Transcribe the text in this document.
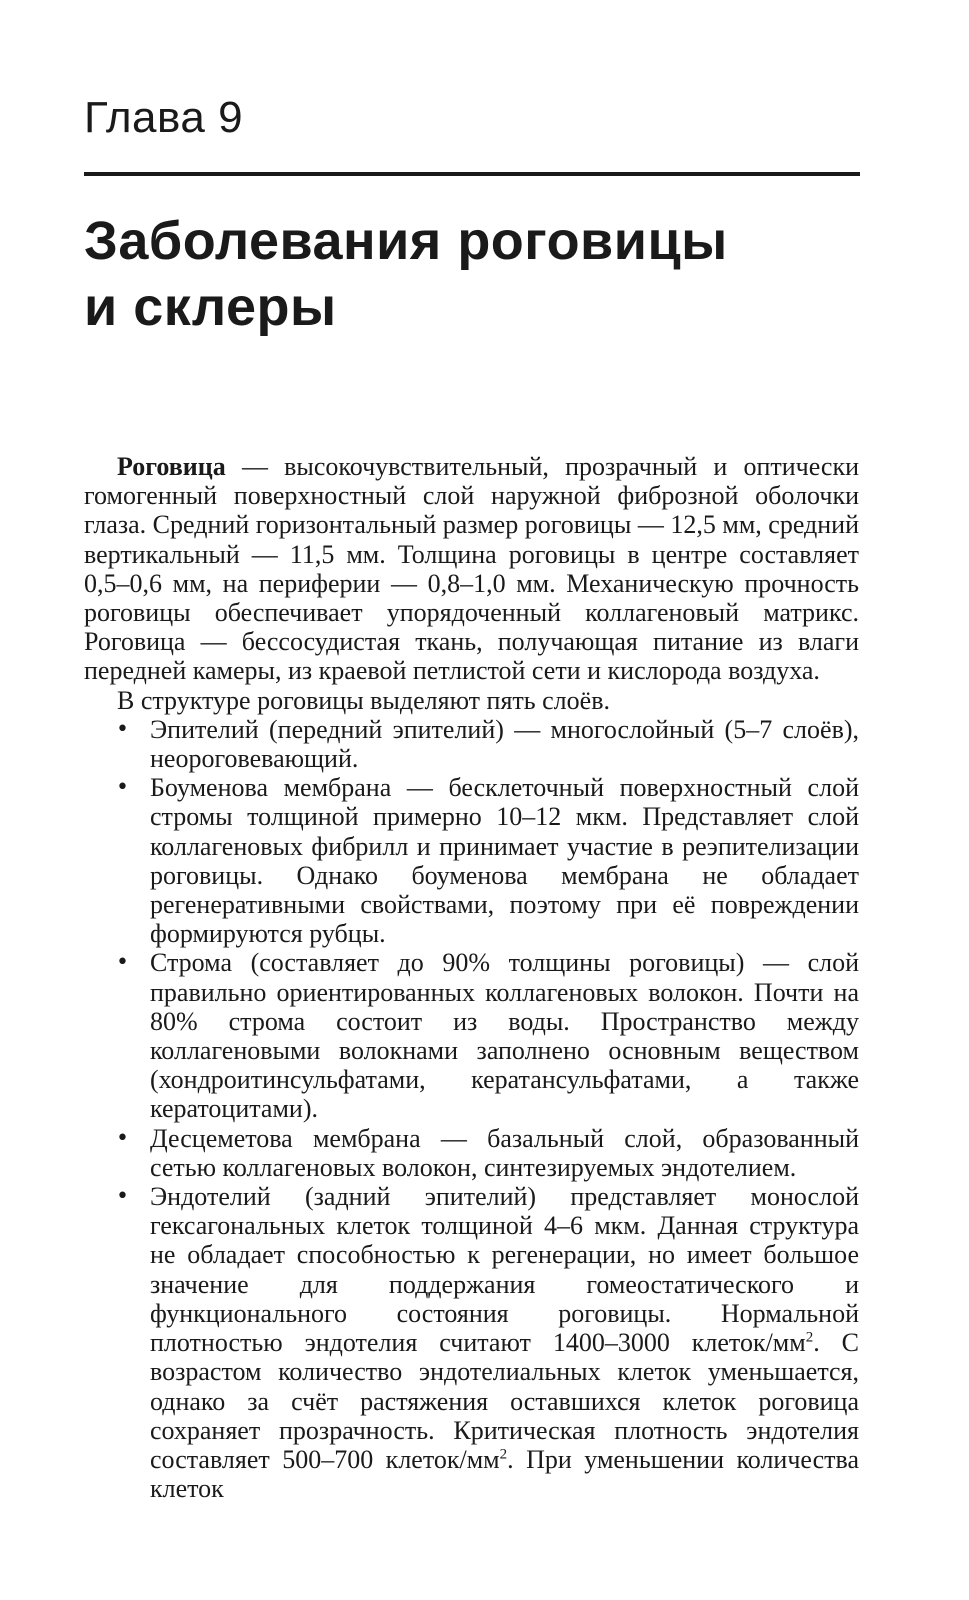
Глава 9
Заболевания роговицы
и склеры

Роговица — высокочувствительный, прозрачный и оптически гомогенный поверхностный слой наружной фиброзной оболочки глаза. Средний горизонтальный размер роговицы — 12,5 мм, средний вертикальный — 11,5 мм. Толщина роговицы в центре составляет 0,5–0,6 мм, на периферии — 0,8–1,0 мм. Механическую прочность роговицы обеспечивает упорядоченный коллагеновый матрикс. Роговица — бессосудистая ткань, получающая питание из влаги передней камеры, из краевой петлистой сети и кислорода воздуха.

В структуре роговицы выделяют пять слоёв.

• Эпителий (передний эпителий) — многослойный (5–7 слоёв), неороговевающий.
• Боуменова мембрана — бесклеточный поверхностный слой стромы толщиной примерно 10–12 мкм. Представляет слой коллагеновых фибрилл и принимает участие в реэпителизации роговицы. Однако боуменова мембрана не обладает регенеративными свойствами, поэтому при её повреждении формируются рубцы.
• Строма (составляет до 90% толщины роговицы) — слой правильно ориентированных коллагеновых волокон. Почти на 80% строма состоит из воды. Пространство между коллагеновыми волокнами заполнено основным веществом (хондроитинсульфатами, кератансульфатами, а также кератоцитами).
• Десцеметова мембрана — базальный слой, образованный сетью коллагеновых волокон, синтезируемых эндотелием.
• Эндотелий (задний эпителий) представляет монослой гексагональных клеток толщиной 4–6 мкм. Данная структура не обладает способностью к регенерации, но имеет большое значение для поддержания гомеостатического и функционального состояния роговицы. Нормальной плотностью эндотелия считают 1400–3000 клеток/$мм^2$. С возрастом количество эндотелиальных клеток уменьшается, однако за счёт растяжения оставшихся клеток роговица сохраняет прозрачность. Критическая плотность эндотелия составляет 500–700 клеток/$мм^2$. При уменьшении количества клеток
